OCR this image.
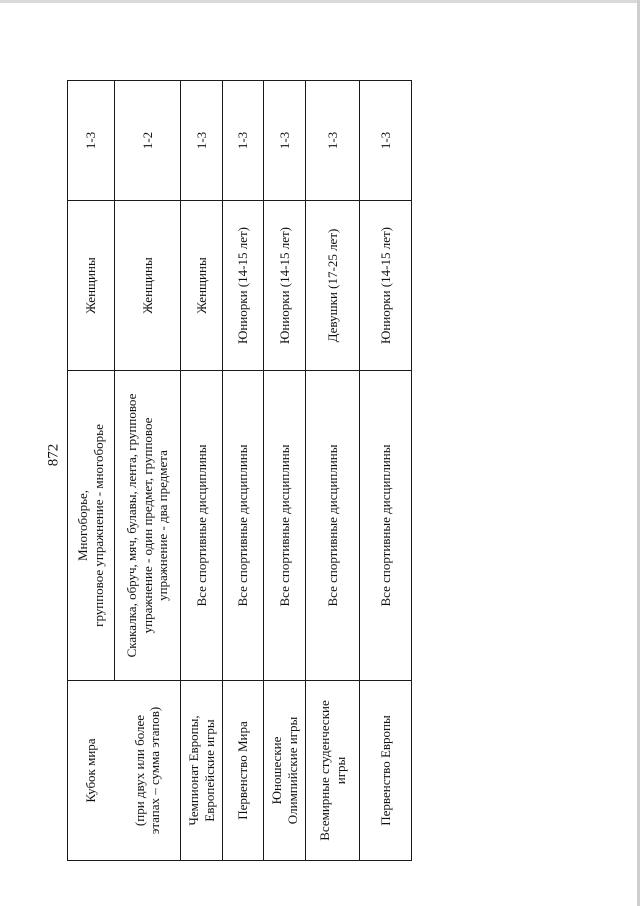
872
Кубок мира	Многоборье, групповое упражнение - многоборье	Женщины	1-3

(при двух или более этапах – сумма этапов)	Скакалка, обруч, мяч, булавы, лента, групповое упражнение - один предмет, групповое упражнение - два предмета	Женщины	1-2

Чемпионат Европы, Европейские игры	Все спортивные дисциплины	Женщины	1-3
Первенство Мира	Все спортивные дисциплины	Юниорки (14-15 лет)	1-3

Юношеские Олимпийские игры	Все спортивные дисциплины	Юниорки (14-15 лет)	1-3

Всемирные студенческие игры	Все спортивные дисциплины	Девушки (17-25 лет)	1-3
Первенство Европы	Все спортивные дисциплины	Юниорки (14-15 лет)	1-3
